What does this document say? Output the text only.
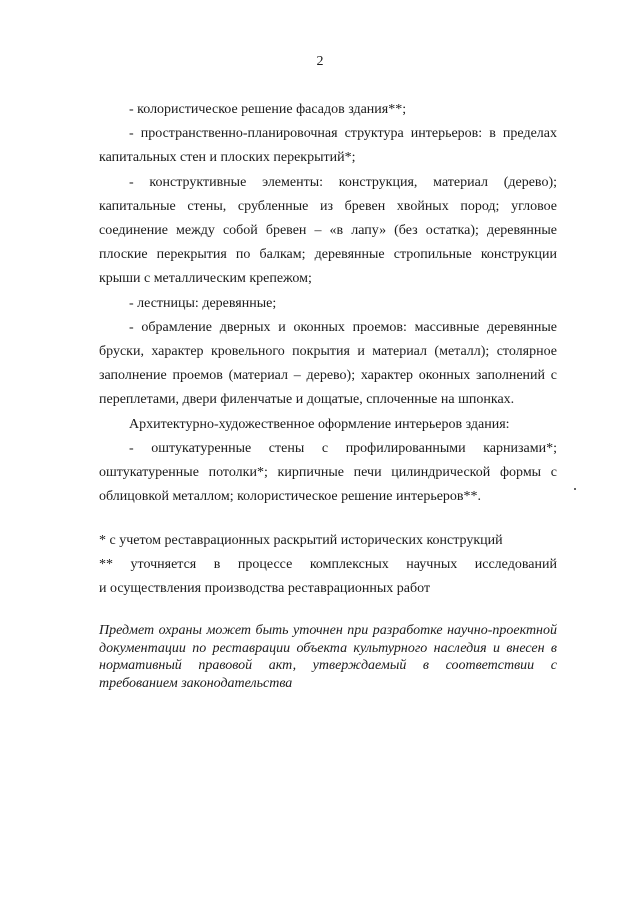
2

- колористическое решение фасадов здания**;

- пространственно-планировочная структура интерьеров: в пределах капитальных стен и плоских перекрытий*;

- конструктивные элементы: конструкция, материал (дерево); капитальные стены, срубленные из бревен хвойных пород; угловое соединение между собой бревен – «в лапу» (без остатка); деревянные плоские перекрытия по балкам; деревянные стропильные конструкции крыши с металлическим крепежом;

- лестницы: деревянные;

- обрамление дверных и оконных проемов: массивные деревянные бруски, характер кровельного покрытия и материал (металл); столярное заполнение проемов (материал – дерево); характер оконных заполнений с переплетами, двери филенчатые и дощатые, сплоченные на шпонках.

Архитектурно-художественное оформление интерьеров здания:

- оштукатуренные стены с профилированными карнизами*; оштукатуренные потолки*; кирпичные печи цилиндрической формы с облицовкой металлом; колористическое решение интерьеров**.

* с учетом реставрационных раскрытий исторических конструкций

** уточняется в процессе комплексных научных исследований

и осуществления производства реставрационных работ

Предмет охраны может быть уточнен при разработке научно-проектной документации по реставрации объекта культурного наследия и внесен в нормативный правовой акт, утверждаемый в соответствии с требованием законодательства
